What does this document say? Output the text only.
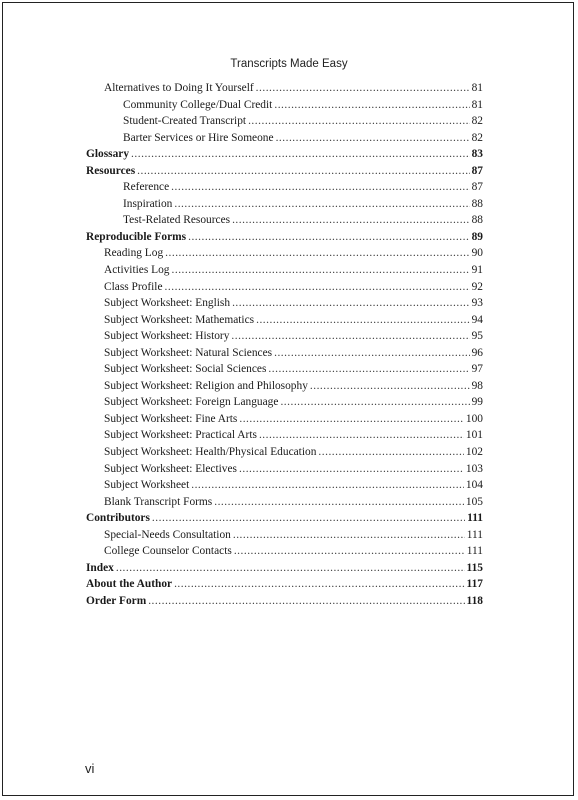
Transcripts Made Easy
Alternatives to Doing It Yourself .....	81
Community College/Dual Credit .....	81
Student-Created Transcript .....	82
Barter Services or Hire Someone .....	82
Glossary .....	83
Resources .....	87
Reference .....	87
Inspiration .....	88
Test-Related Resources .....	88
Reproducible Forms .....	89
Reading Log .....	90
Activities Log .....	91
Class Profile .....	92
Subject Worksheet: English .....	93
Subject Worksheet: Mathematics .....	94
Subject Worksheet: History .....	95
Subject Worksheet: Natural Sciences .....	96
Subject Worksheet: Social Sciences .....	97
Subject Worksheet: Religion and Philosophy .....	98
Subject Worksheet: Foreign Language .....	99
Subject Worksheet: Fine Arts .....	100
Subject Worksheet: Practical Arts .....	101
Subject Worksheet: Health/Physical Education .....	102
Subject Worksheet: Electives .....	103
Subject Worksheet .....	104
Blank Transcript Forms .....	105
Contributors .....	111
Special-Needs Consultation .....	111
College Counselor Contacts .....	111
Index .....	115
About the Author .....	117
Order Form .....	118
vi
